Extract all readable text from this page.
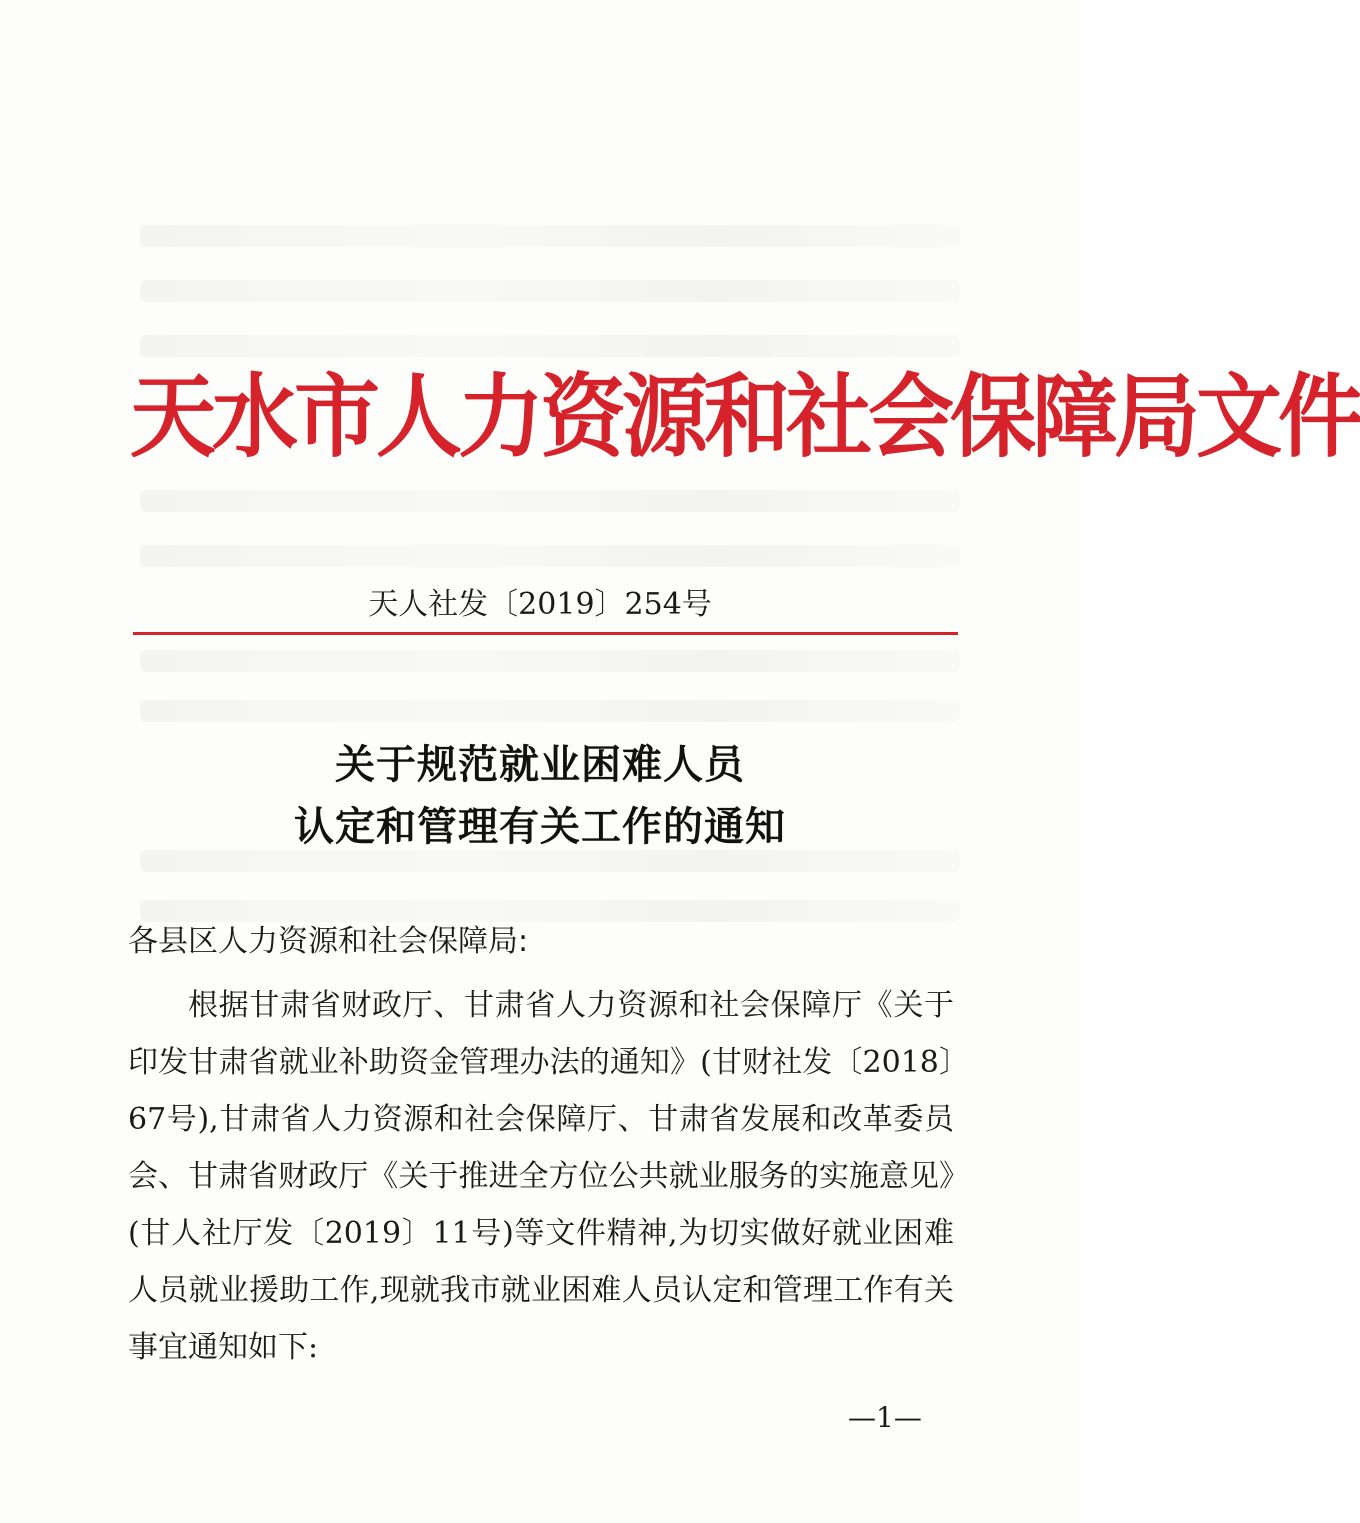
天水市人力资源和社会保障局文件
天人社发〔2019〕254号
关于规范就业困难人员
认定和管理有关工作的通知
各县区人力资源和社会保障局:
根据甘肃省财政厅、甘肃省人力资源和社会保障厅《关于印发甘肃省就业补助资金管理办法的通知》(甘财社发〔2018〕67号),甘肃省人力资源和社会保障厅、甘肃省发展和改革委员会、甘肃省财政厅《关于推进全方位公共就业服务的实施意见》(甘人社厅发〔2019〕11号)等文件精神,为切实做好就业困难人员就业援助工作,现就我市就业困难人员认定和管理工作有关事宜通知如下:
—1—
